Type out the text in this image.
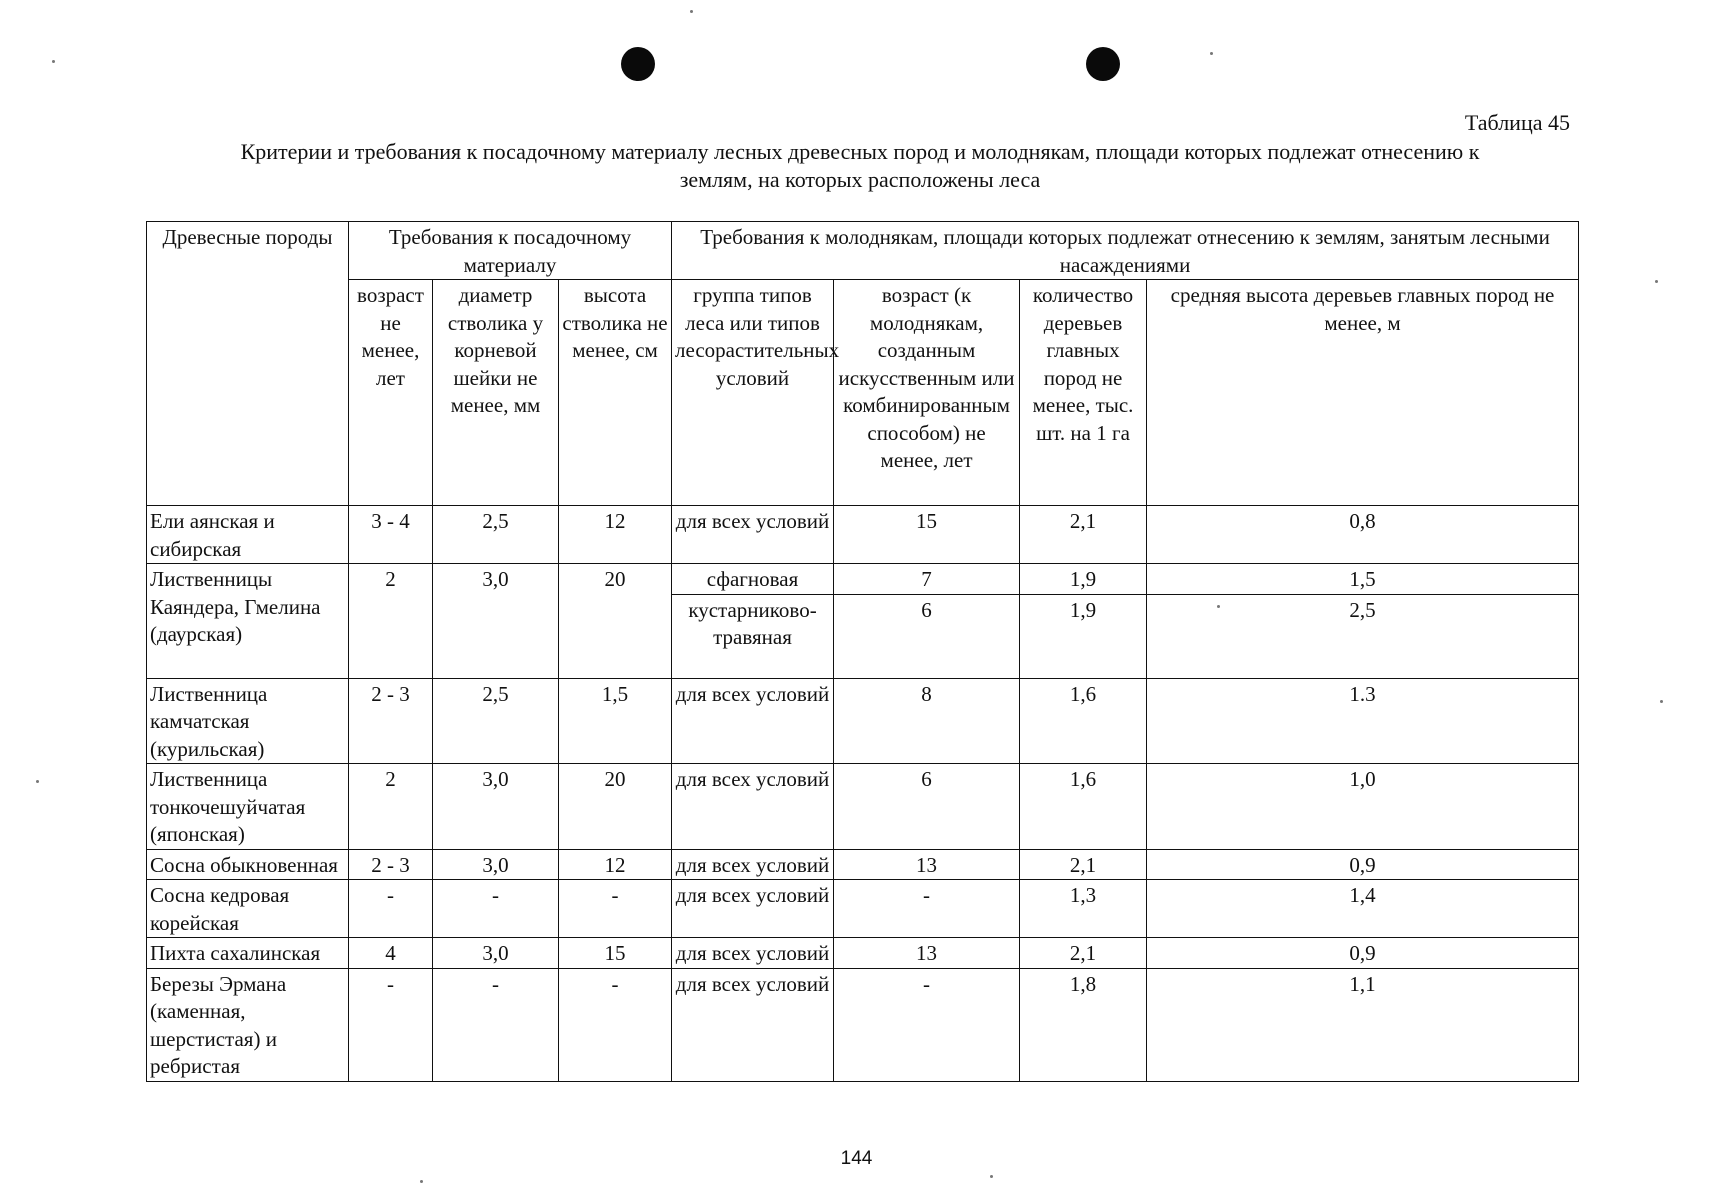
Таблица 45
Критерии и требования к посадочному материалу лесных древесных пород и молоднякам, площади которых подлежат отнесению к
землям, на которых расположены леса
Древесные породы	Требования к посадочному материалу			Требования к молоднякам, площади которых подлежат отнесению к землям, занятым лесными насаждениями			
	возраст не менее, лет	диаметр стволика у корневой шейки не менее, мм	высота стволика не менее, см	группа типов леса или типов лесорастительных условий	возраст (к молоднякам, созданным искусственным или комбинированным способом) не менее, лет	количество деревьев главных пород не менее, тыс. шт. на 1 га	средняя высота деревьев главных пород не менее, м
Ели аянская и сибирская	3 - 4	2,5	12	для всех условий	15	2,1	0,8
Лиственницы Каяндера, Гмелина (даурская)	2	3,0	20	сфагновая	7	1,9	1,5
				кустарниково-травяная	6	1,9	2,5
Лиственница камчатская (курильская)	2 - 3	2,5	1,5	для всех условий	8	1,6	1.3
Лиственница тонкочешуйчатая (японская)	2	3,0	20	для всех условий	6	1,6	1,0
Сосна обыкновенная	2 - 3	3,0	12	для всех условий	13	2,1	0,9
Сосна кедровая корейская	-	-	-	для всех условий	-	1,3	1,4
Пихта сахалинская	4	3,0	15	для всех условий	13	2,1	0,9
Березы Эрмана (каменная, шерстистая) и ребристая	-	-	-	для всех условий	-	1,8	1,1
144
